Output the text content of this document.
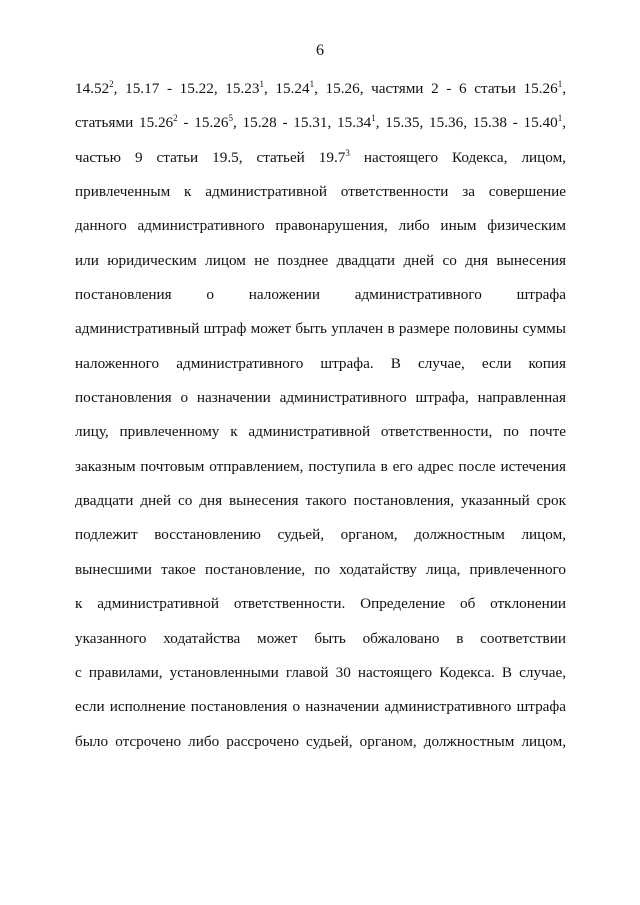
6
14.52$^2$, 15.17 - 15.22, 15.23$^1$, 15.24$^1$, 15.26, частями 2 - 6 статьи 15.26$^1$,
статьями 15.26$^2$ - 15.26$^5$, 15.28 - 15.31, 15.34$^1$, 15.35, 15.36, 15.38 - 15.40$^1$,
частью 9 статьи 19.5, статьей 19.7$^3$ настоящего Кодекса, лицом,
привлеченным к административной ответственности за совершение
данного административного правонарушения, либо иным физическим
или юридическим лицом не позднее двадцати дней со дня вынесения
постановления о наложении административного штрафа
административный штраф может быть уплачен в размере половины суммы
наложенного административного штрафа. В случае, если копия
постановления о назначении административного штрафа, направленная
лицу, привлеченному к административной ответственности, по почте
заказным почтовым отправлением, поступила в его адрес после истечения
двадцати дней со дня вынесения такого постановления, указанный срок
подлежит восстановлению судьей, органом, должностным лицом,
вынесшими такое постановление, по ходатайству лица, привлеченного
к административной ответственности. Определение об отклонении
указанного ходатайства может быть обжаловано в соответствии
с правилами, установленными главой 30 настоящего Кодекса. В случае,
если исполнение постановления о назначении административного штрафа
было отсрочено либо рассрочено судьей, органом, должностным лицом,
